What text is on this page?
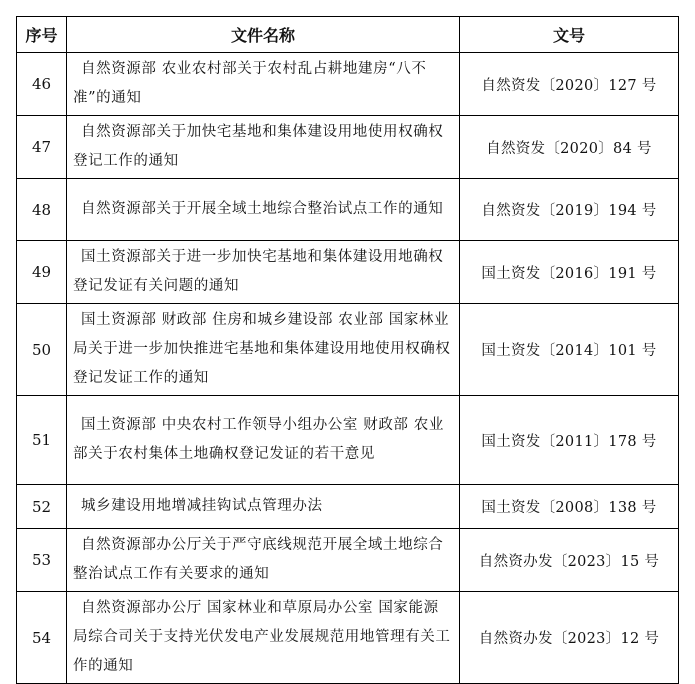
序号	文件名称	文号
46	自然资源部 农业农村部关于农村乱占耕地建房“八不准”的通知	自然资发〔2020〕127 号
47	自然资源部关于加快宅基地和集体建设用地使用权确权登记工作的通知	自然资发〔2020〕84 号
48	自然资源部关于开展全域土地综合整治试点工作的通知	自然资发〔2019〕194 号
49	国土资源部关于进一步加快宅基地和集体建设用地确权登记发证有关问题的通知	国土资发〔2016〕191 号
50	国土资源部 财政部 住房和城乡建设部 农业部 国家林业局关于进一步加快推进宅基地和集体建设用地使用权确权登记发证工作的通知	国土资发〔2014〕101 号
51	国土资源部 中央农村工作领导小组办公室 财政部 农业部关于农村集体土地确权登记发证的若干意见	国土资发〔2011〕178 号
52	城乡建设用地增减挂钩试点管理办法	国土资发〔2008〕138 号
53	自然资源部办公厅关于严守底线规范开展全域土地综合整治试点工作有关要求的通知	自然资办发〔2023〕15 号
54	自然资源部办公厅 国家林业和草原局办公室 国家能源局综合司关于支持光伏发电产业发展规范用地管理有关工作的通知	自然资办发〔2023〕12 号
